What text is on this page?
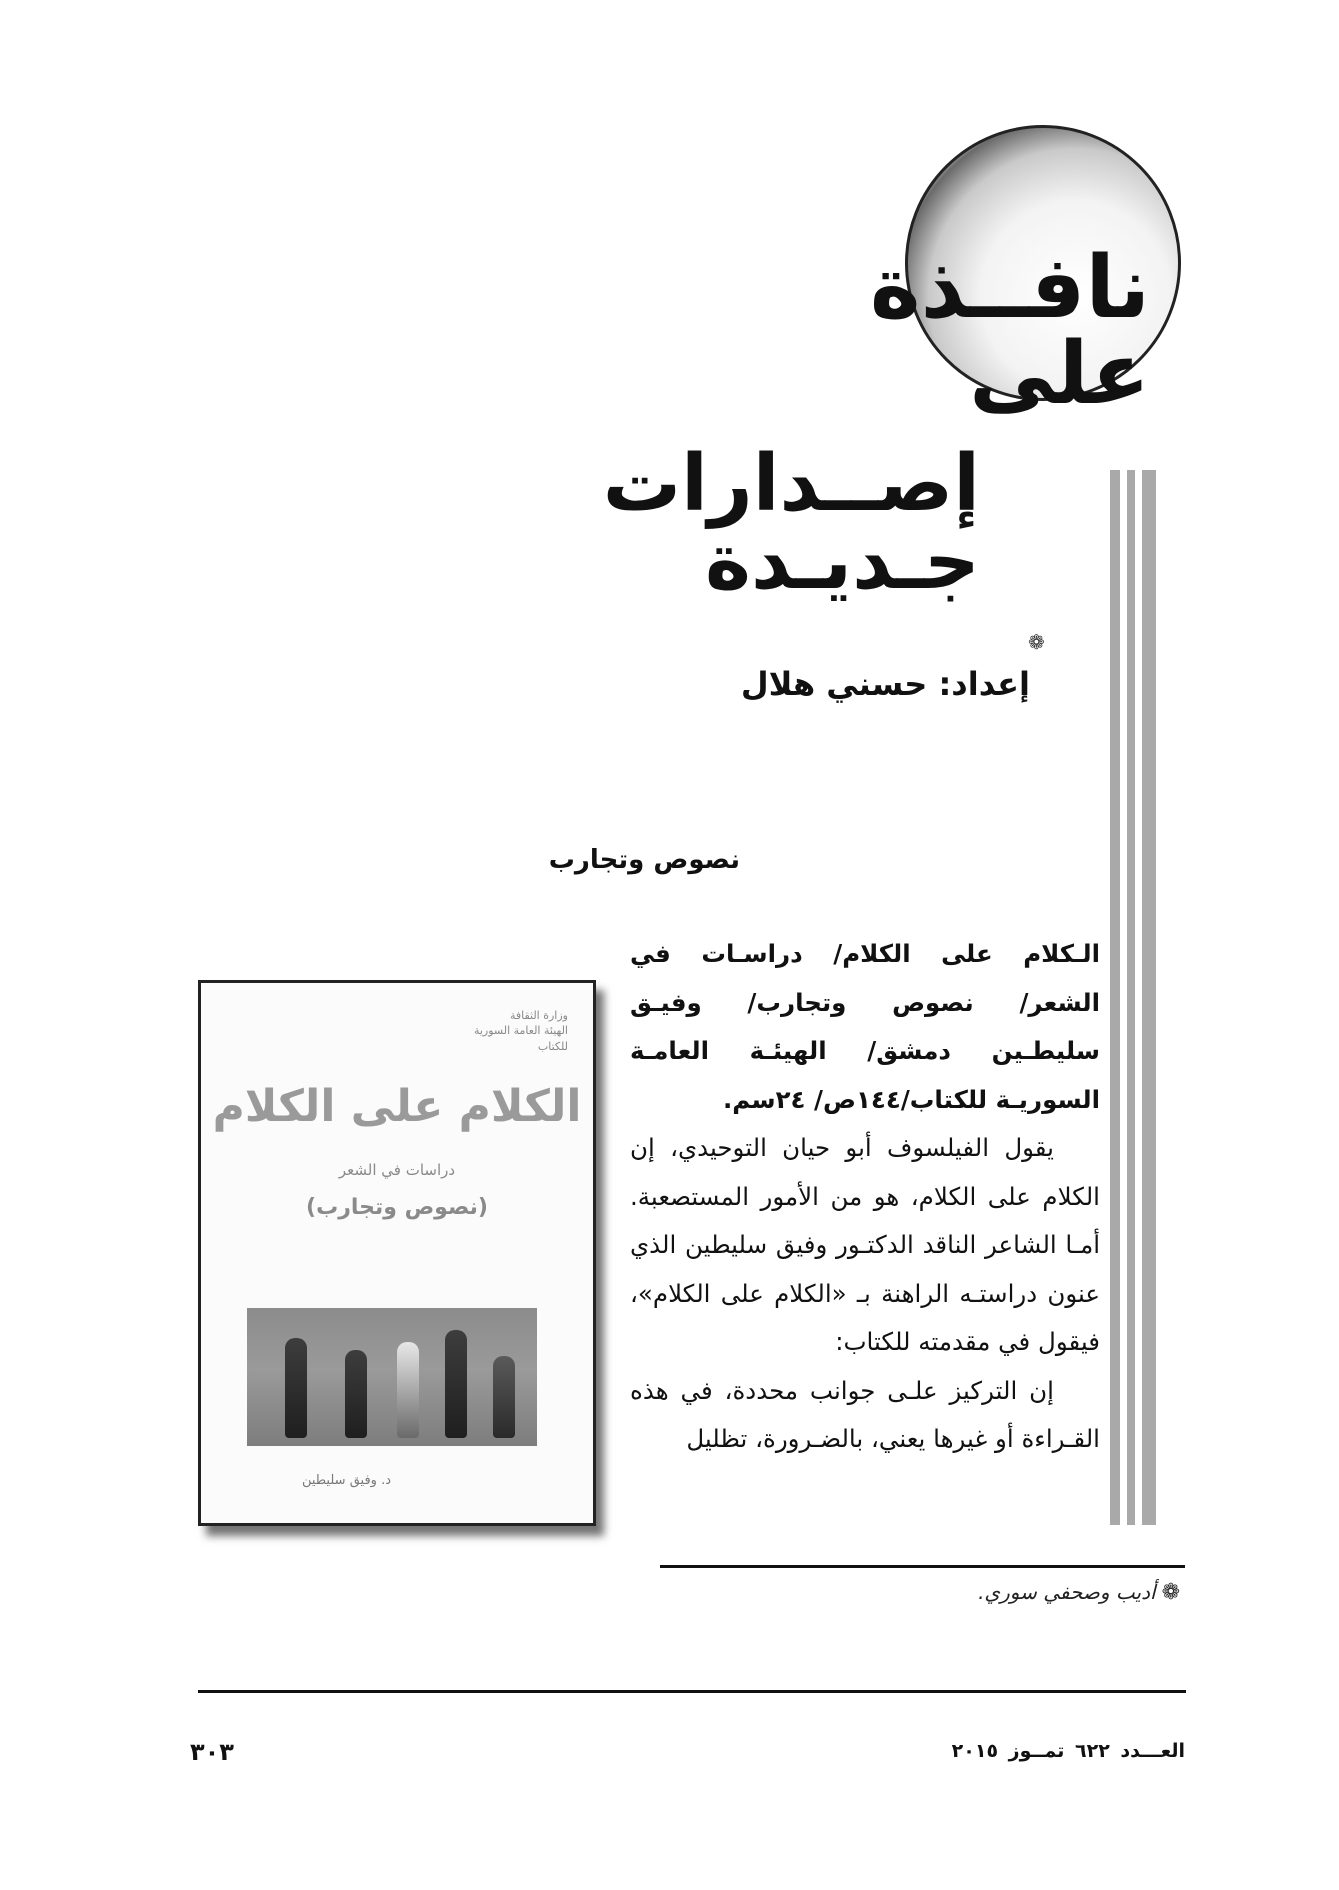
نافــذة على
إصــدارات جـديـدة
❁
إعداد: حسني هلال
نصوص وتجارب
وزارة الثقافة
الهيئة العامة السورية للكتاب
الكلام على الكلام
دراسات في الشعر
(نصوص وتجارب)
د. وفيق سليطين

الـكلام على الكلام/ دراسـات في الشعر/ نصوص وتجارب/ وفيـق سليطـين دمشق/ الهيئـة العامـة السوريـة للكتاب/١٤٤ص/ ٢٤سم.

يقول الفيلسوف أبو حيان التوحيدي، إن الكلام على الكلام، هو من الأمور المستصعبة. أمـا الشاعر الناقد الدكتـور وفيق سليطين الذي عنون دراستـه الراهنة بـ «الكلام على الكلام»، فيقول في مقدمته للكتاب:

إن التركيز علـى جوانب محددة، في هذه القـراءة أو غيرها يعني، بالضـرورة، تظليل

❁أديب وصحفي سوري.
العـــدد ٦٢٢ تمــوز ٢٠١٥
٣٠٣
